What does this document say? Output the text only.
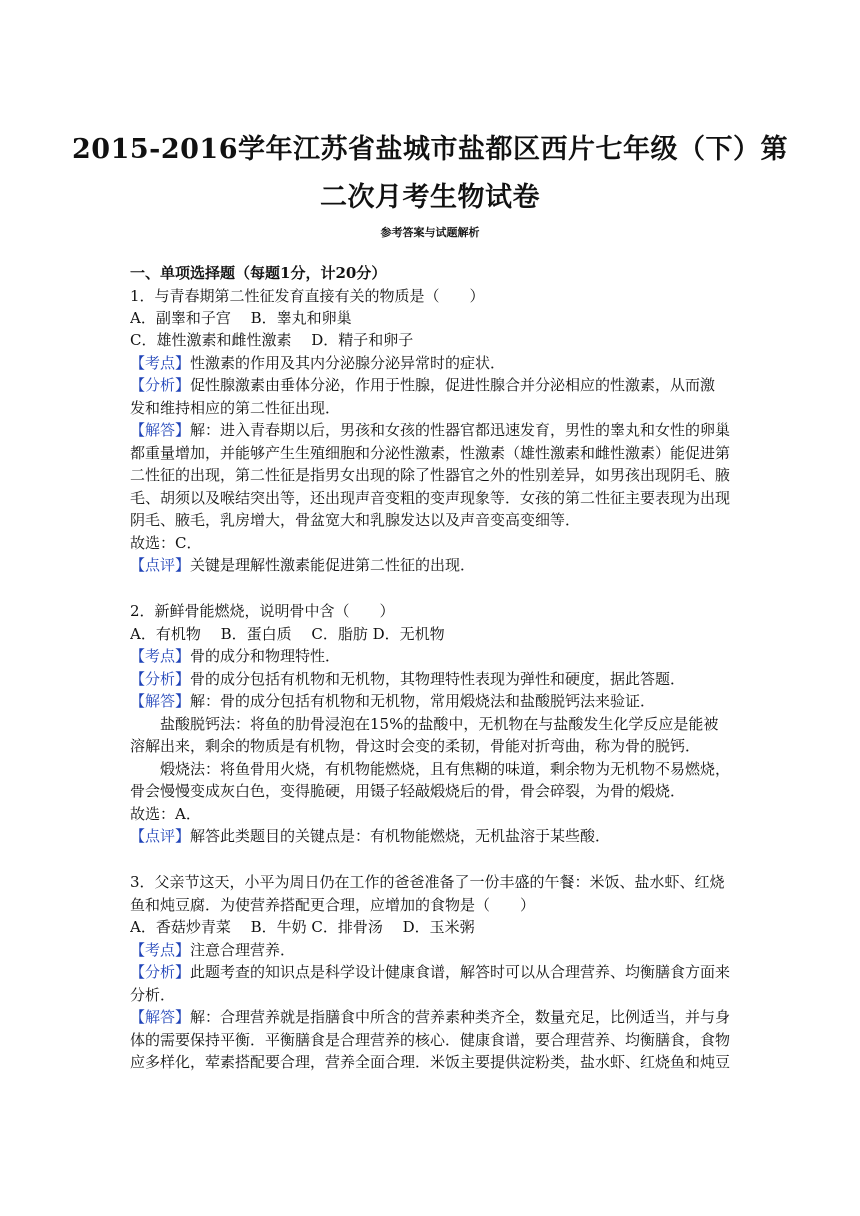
2015-2016学年江苏省盐城市盐都区西片七年级（下）第
二次月考生物试卷
参考答案与试题解析
一、单项选择题（每题1分，计20分）
1．与青春期第二性征发育直接有关的物质是（　　）
A．副睾和子宫　 B．睾丸和卵巢
C．雄性激素和雌性激素　 D．精子和卵子
【考点】性激素的作用及其内分泌腺分泌异常时的症状．
【分析】促性腺激素由垂体分泌，作用于性腺，促进性腺合并分泌相应的性激素，从而激
发和维持相应的第二性征出现．
【解答】解：进入青春期以后，男孩和女孩的性器官都迅速发育，男性的睾丸和女性的卵巢
都重量增加，并能够产生生殖细胞和分泌性激素，性激素（雄性激素和雌性激素）能促进第
二性征的出现，第二性征是指男女出现的除了性器官之外的性别差异，如男孩出现阴毛、腋
毛、胡须以及喉结突出等，还出现声音变粗的变声现象等．女孩的第二性征主要表现为出现
阴毛、腋毛，乳房增大，骨盆宽大和乳腺发达以及声音变高变细等．
故选：C．
【点评】关键是理解性激素能促进第二性征的出现．
2．新鲜骨能燃烧，说明骨中含（　　）
A．有机物　 B．蛋白质　 C．脂肪 D．无机物
【考点】骨的成分和物理特性．
【分析】骨的成分包括有机物和无机物，其物理特性表现为弹性和硬度，据此答题．
【解答】解：骨的成分包括有机物和无机物，常用煅烧法和盐酸脱钙法来验证．
盐酸脱钙法：将鱼的肋骨浸泡在15%的盐酸中，无机物在与盐酸发生化学反应是能被
溶解出来，剩余的物质是有机物，骨这时会变的柔韧，骨能对折弯曲，称为骨的脱钙．
煅烧法：将鱼骨用火烧，有机物能燃烧，且有焦糊的味道，剩余物为无机物不易燃烧，
骨会慢慢变成灰白色，变得脆硬，用镊子轻敲煅烧后的骨，骨会碎裂，为骨的煅烧．
故选：A．
【点评】解答此类题目的关键点是：有机物能燃烧，无机盐溶于某些酸．
3．父亲节这天，小平为周日仍在工作的爸爸准备了一份丰盛的午餐：米饭、盐水虾、红烧
鱼和炖豆腐．为使营养搭配更合理，应增加的食物是（　　）
A．香菇炒青菜　 B．牛奶 C．排骨汤　 D．玉米粥
【考点】注意合理营养．
【分析】此题考查的知识点是科学设计健康食谱，解答时可以从合理营养、均衡膳食方面来
分析．
【解答】解：合理营养就是指膳食中所含的营养素种类齐全，数量充足，比例适当，并与身
体的需要保持平衡．平衡膳食是合理营养的核心．健康食谱，要合理营养、均衡膳食，食物
应多样化，荤素搭配要合理，营养全面合理．米饭主要提供淀粉类，盐水虾、红烧鱼和炖豆
